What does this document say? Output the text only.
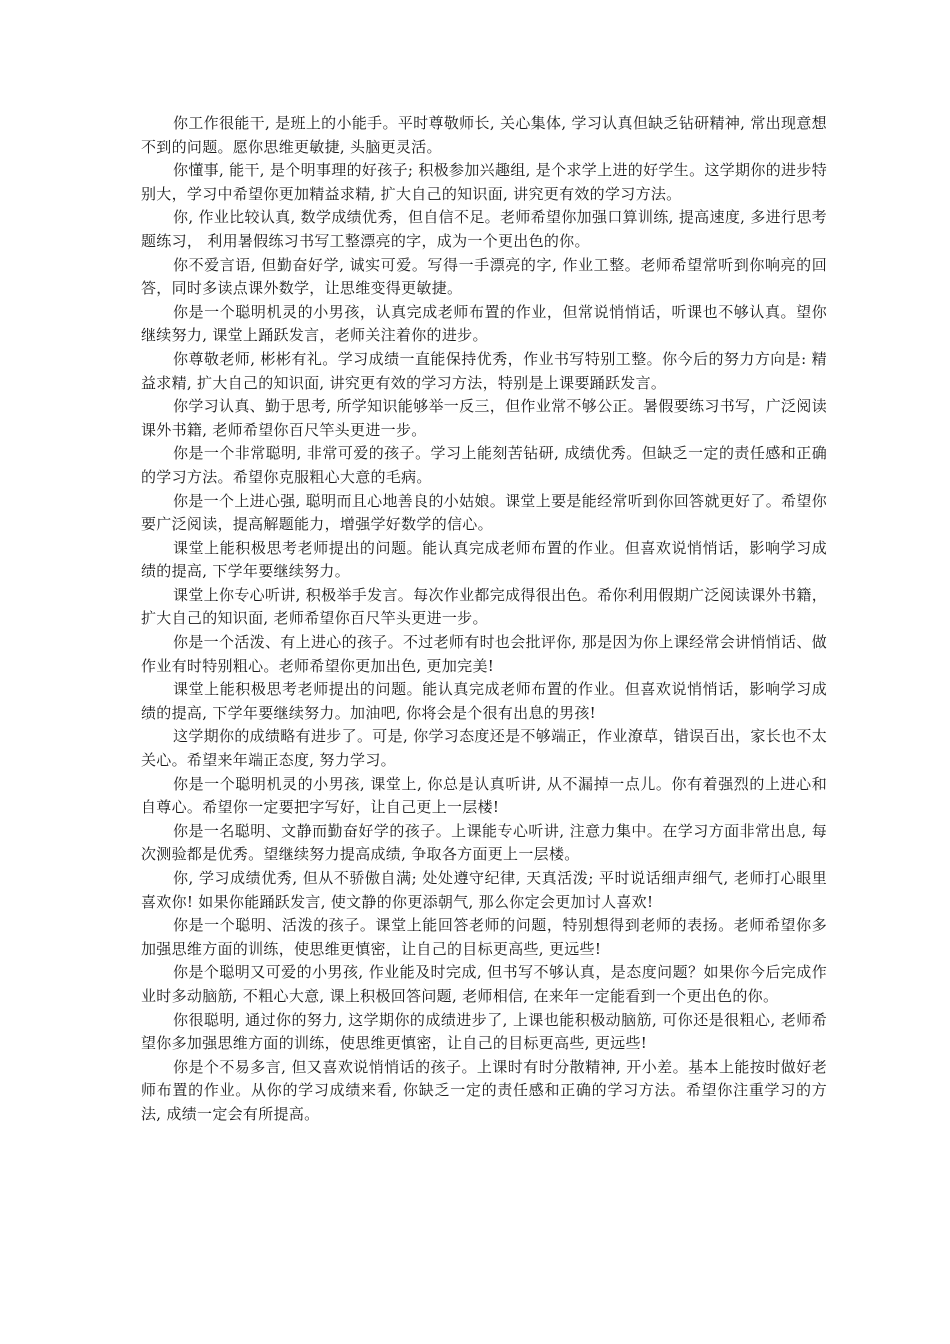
你工作很能干, 是班上的小能手。平时尊敬师长, 关心集体, 学习认真但缺乏钻研精神, 常出现意想不到的问题。愿你思维更敏捷, 头脑更灵活。

你懂事, 能干, 是个明事理的好孩子; 积极参加兴趣组, 是个求学上进的好学生。这学期你的进步特别大，学习中希望你更加精益求精, 扩大自己的知识面, 讲究更有效的学习方法。

你, 作业比较认真, 数学成绩优秀，但自信不足。老师希望你加强口算训练, 提高速度, 多进行思考题练习， 利用暑假练习书写工整漂亮的字，成为一个更出色的你。

你不爱言语, 但勤奋好学, 诚实可爱。写得一手漂亮的字, 作业工整。老师希望常听到你响亮的回答，同时多读点课外数学，让思维变得更敏捷。

你是一个聪明机灵的小男孩，认真完成老师布置的作业，但常说悄悄话，听课也不够认真。望你继续努力, 课堂上踊跃发言，老师关注着你的进步。

你尊敬老师, 彬彬有礼。学习成绩一直能保持优秀，作业书写特别工整。你今后的努力方向是: 精益求精, 扩大自己的知识面, 讲究更有效的学习方法，特别是上课要踊跃发言。

你学习认真、勤于思考, 所学知识能够举一反三，但作业常不够公正。暑假要练习书写，广泛阅读课外书籍, 老师希望你百尺竿头更进一步。

你是一个非常聪明, 非常可爱的孩子。学习上能刻苦钻研, 成绩优秀。但缺乏一定的责任感和正确的学习方法。希望你克服粗心大意的毛病。

你是一个上进心强, 聪明而且心地善良的小姑娘。课堂上要是能经常听到你回答就更好了。希望你要广泛阅读，提高解题能力，增强学好数学的信心。

课堂上能积极思考老师提出的问题。能认真完成老师布置的作业。但喜欢说悄悄话，影响学习成绩的提高, 下学年要继续努力。

课堂上你专心听讲, 积极举手发言。每次作业都完成得很出色。希你利用假期广泛阅读课外书籍， 扩大自己的知识面, 老师希望你百尺竿头更进一步。

你是一个活泼、有上进心的孩子。不过老师有时也会批评你, 那是因为你上课经常会讲悄悄话、做作业有时特别粗心。老师希望你更加出色, 更加完美!

课堂上能积极思考老师提出的问题。能认真完成老师布置的作业。但喜欢说悄悄话，影响学习成绩的提高, 下学年要继续努力。加油吧, 你将会是个很有出息的男孩!

这学期你的成绩略有进步了。可是, 你学习态度还是不够端正，作业潦草，错误百出，家长也不太关心。希望来年端正态度, 努力学习。

你是一个聪明机灵的小男孩, 课堂上, 你总是认真听讲, 从不漏掉一点儿。你有着强烈的上进心和自尊心。希望你一定要把字写好，让自己更上一层楼!

你是一名聪明、文静而勤奋好学的孩子。上课能专心听讲, 注意力集中。在学习方面非常出息, 每次测验都是优秀。望继续努力提高成绩, 争取各方面更上一层楼。

你, 学习成绩优秀, 但从不骄傲自满; 处处遵守纪律, 天真活泼; 平时说话细声细气, 老师打心眼里喜欢你! 如果你能踊跃发言, 使文静的你更添朝气, 那么你定会更加讨人喜欢!

你是一个聪明、活泼的孩子。课堂上能回答老师的问题，特别想得到老师的表扬。老师希望你多加强思维方面的训练，使思维更慎密，让自己的目标更高些, 更远些!

你是个聪明又可爱的小男孩, 作业能及时完成, 但书写不够认真，是态度问题？如果你今后完成作业时多动脑筋, 不粗心大意, 课上积极回答问题, 老师相信, 在来年一定能看到一个更出色的你。

你很聪明, 通过你的努力, 这学期你的成绩进步了, 上课也能积极动脑筋, 可你还是很粗心, 老师希望你多加强思维方面的训练，使思维更慎密，让自己的目标更高些, 更远些!

你是个不易多言, 但又喜欢说悄悄话的孩子。上课时有时分散精神, 开小差。基本上能按时做好老师布置的作业。从你的学习成绩来看, 你缺乏一定的责任感和正确的学习方法。希望你注重学习的方法, 成绩一定会有所提高。
